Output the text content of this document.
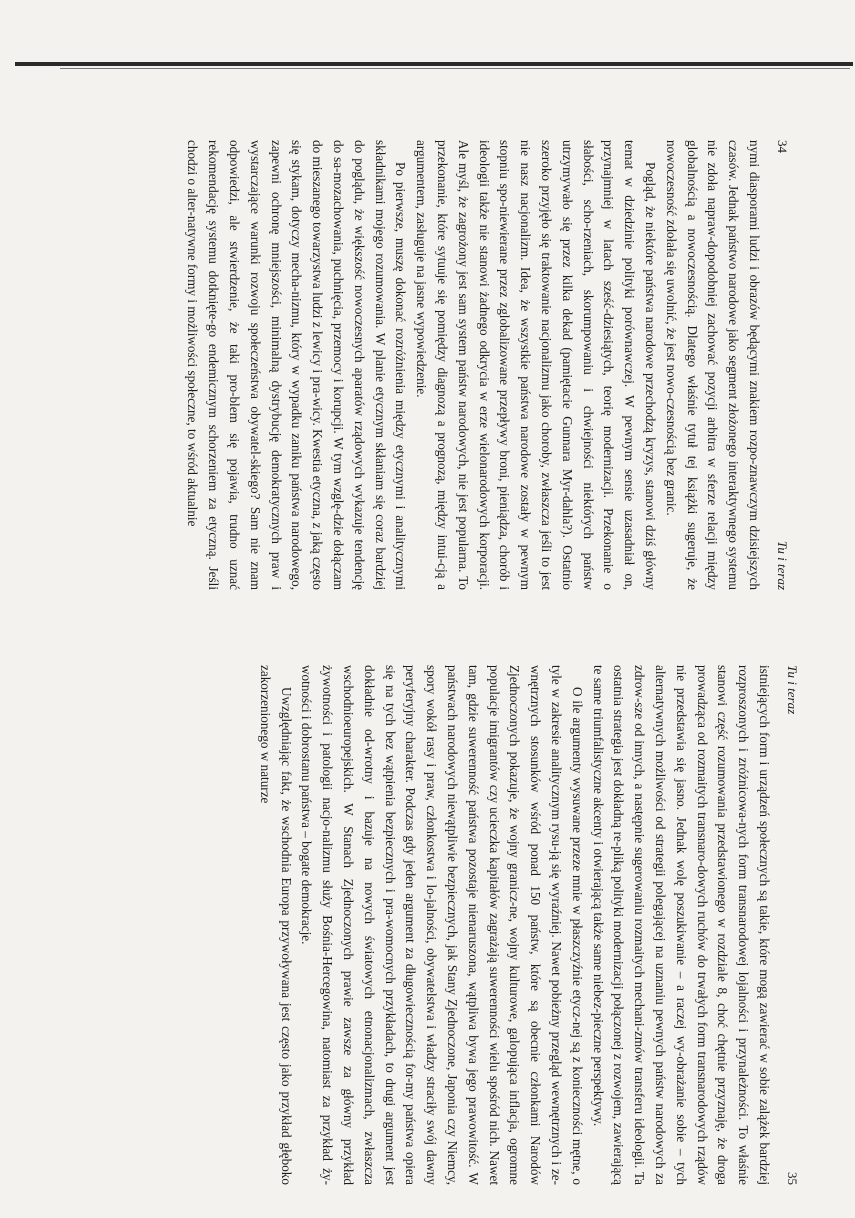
34
Tu i teraz

nymi diasporami ludzi i obrazów będącymi znakiem rozpo-znawczym dzisiejszych czasów. Jednak państwo narodowe jako segment złożonego interaktywnego systemu nie zdoła napraw-dopodobniej zachować pozycji arbitra w sferze relacji między globalnością a nowoczesnością. Dlatego właśnie tytuł tej książki sugeruje, że nowoczesność zdołała się uwolnić, że jest nowo-czesnością bez granic.

Pogląd, że niektóre państwa narodowe przechodzą kryzys, stanowi dziś główny temat w dziedzinie polityki porównawczej. W pewnym sensie uzasadniał on, przynajmniej w latach sześć-dziesiątych, teorię modernizacji. Przekonanie o słabości, scho-rzeniach, skorumpowaniu i chwiejności niektórych państw utrzymywało się przez kilka dekad (pamiętacie Gunnara Myr-dahla?). Ostatnio szeroko przyjęło się traktowanie nacjonalizmu jako choroby, zwłaszcza jeśli to jest nie nasz nacjonalizm. Idea, że wszystkie państwa narodowe zostały w pewnym stopniu spo-niewierane przez zglobalizowane przepływy broni, pieniądza, chorób i ideologii także nie stanowi żadnego odkrycia w erze wielonarodowych korporacji. Ale myśl, że zagrożony jest sam system państw narodowych, nie jest popularna. To przekonanie, które sytuuje się pomiędzy diagnozą a prognozą, między intui-cją a argumentem, zasługuje na jasne wypowiedzenie.

Po pierwsze, muszę dokonać rozróżnienia między etycznymi i analitycznymi składnikami mojego rozumowania. W planie etycznym skłaniam się coraz bardziej do poglądu, że większość nowoczesnych aparatów rządowych wykazuje tendencję do sa-mozachowania, puchnięcia, przemocy i korupcji. W tym wzglę-dzie dołączam do mieszanego towarzystwa ludzi z lewicy i pra-wicy. Kwestia etyczna, z jaką często się stykam, dotyczy mecha-nizmu, który w wypadku zaniku państwa narodowego, zapewni ochronę mniejszości, minimalną dystrybucję demokratycznych praw i wystarczające warunki rozwoju społeczeństwa obywatel-skiego? Sam nie znam odpowiedzi, ale stwierdzenie, że taki pro-blem się pojawia, trudno uznać rekomendację systemu dotknięte-go endemicznym schorzeniem za etyczną. Jeśli chodzi o alter-natywne formy i możliwości społeczne, to wśród aktualnie

Tu i teraz
35

istniejących form i urządzeń społecznych są takie, które mogą zawierać w sobie zalążek bardziej rozproszonych i zróżnicowa-nych form transnarodowej lojalności i przynależności. To właśnie stanowi część rozumowania przedstawionego w rozdziale 8, choć chętnie przyznaję, że droga prowadząca od rozmaitych transnaro-dowych ruchów do trwałych form transnarodowych rządów nie przedstawia się jasno. Jednak wolę poszukiwanie – a raczej wy-obrażanie sobie – tych alternatywnych możliwości od strategii polegającej na uznaniu pewnych państw narodowych za zdrow-sze od innych, a następnie sugerowaniu rozmaitych mechani-zmów transferu ideologii. Ta ostatnia strategia jest dokładną re-pliką polityki modernizacji połączonej z rozwojem, zawierającą te same triumfalistyczne akcenty i otwierającą także same niebez-pieczne perspektywy.

O ile argumenty wysuwane przeze mnie w płaszczyźnie etycz-nej są z konieczności mętne, o tyle w zakresie analitycznym rysu-ją się wyraźniej. Nawet pobieżny przegląd wewnętrznych i ze-wnętrznych stosunków wśród ponad 150 państw, które są obecnie członkami Narodów Zjednoczonych pokazuje, że wojny granicz-ne, wojny kulturowe, galopująca inflacja, ogromne populacje imigrantów czy ucieczka kapitałów zagrażają suwerenności wielu spośród nich. Nawet tam, gdzie suwerenność państwa pozostaje nienaruszona, wątpliwa bywa jego prawowitość. W państwach narodowych niewątpliwie bezpiecznych, jak Stany Zjednoczone, Japonia czy Niemcy, spory wokół rasy i praw, członkostwa i lo-jalności, obywatelstwa i władzy straciły swój dawny peryferyjny charakter. Podczas gdy jeden argument za długowiecznością for-my państwa opiera się na tych bez wątpienia bezpiecznych i pra-womocnych przykładach, to drugi argument jest dokładnie od-wrotny i bazuje na nowych światowych etnonacjonalizmach, zwłaszcza wschodnioeuropejskich. W Stanach Zjednoczonych prawie zawsze za główny przykład żywotności i patologii nacjo-nalizmu służy Bośnia-Hercegowina, natomiast za przykład ży-wotności i dobrostanu państwa – bogate demokracje.

Uwzględniając fakt, że wschodnia Europa przywoływana jest często jako przykład głęboko zakorzenionego w naturze
